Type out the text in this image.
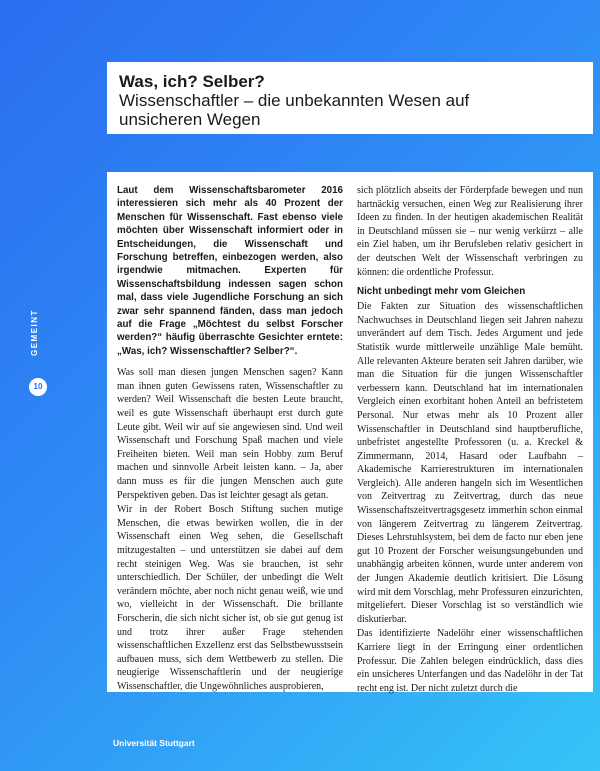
Was, ich? Selber?
Wissenschaftler – die unbekannten Wesen auf
unsicheren Wegen
GEMEINT
10

Laut dem Wissenschaftsbarometer 2016 interessieren sich mehr als 40 Prozent der Menschen für Wissenschaft. Fast ebenso viele möchten über Wissenschaft informiert oder in Entscheidungen, die Wissenschaft und Forschung betreffen, einbezogen werden, also irgendwie mitmachen. Experten für Wissenschaftsbildung indessen sagen schon mal, dass viele Jugendliche Forschung an sich zwar sehr spannend fänden, dass man jedoch auf die Frage „Möchtest du selbst Forscher werden?“ häufig überraschte Gesichter erntete: „Was, ich? Wissenschaftler? Selber?“.

Was soll man diesen jungen Menschen sagen? Kann man ihnen guten Gewissens raten, Wissenschaftler zu werden? Weil Wissenschaft die besten Leute braucht, weil es gute Wissenschaft überhaupt erst durch gute Leute gibt. Weil wir auf sie angewiesen sind. Und weil Wissenschaft und Forschung Spaß machen und viele Freiheiten bieten. Weil man sein Hobby zum Beruf machen und sinnvolle Arbeit leisten kann. – Ja, aber dann muss es für die jungen Menschen auch gute Perspektiven geben. Das ist leichter gesagt als getan.

Wir in der Robert Bosch Stiftung suchen mutige Menschen, die etwas bewirken wollen, die in der Wissenschaft einen Weg sehen, die Gesellschaft mitzugestalten – und unterstützen sie dabei auf dem recht steinigen Weg. Was sie brauchen, ist sehr unterschiedlich. Der Schüler, der unbedingt die Welt verändern möchte, aber noch nicht genau weiß, wie und wo, vielleicht in der Wissenschaft. Die brillante Forscherin, die sich nicht sicher ist, ob sie gut genug ist und trotz ihrer außer Frage stehenden wissenschaftlichen Exzellenz erst das Selbstbewusstsein aufbauen muss, sich dem Wettbewerb zu stellen. Die neugierige Wissenschaftlerin und der neugierige Wissenschaftler, die Ungewöhnliches ausprobieren,

sich plötzlich abseits der Förderpfade bewegen und nun hartnäckig versuchen, einen Weg zur Realisierung ihrer Ideen zu finden. In der heutigen akademischen Realität in Deutschland müssen sie – nur wenig verkürzt – alle ein Ziel haben, um ihr Berufsleben relativ gesichert in der deutschen Welt der Wissenschaft verbringen zu können: die ordentliche Professur.

Nicht unbedingt mehr vom Gleichen

Die Fakten zur Situation des wissenschaftlichen Nachwuchses in Deutschland liegen seit Jahren nahezu unverändert auf dem Tisch. Jedes Argument und jede Statistik wurde mittlerweile unzählige Male bemüht. Alle relevanten Akteure beraten seit Jahren darüber, wie man die Situation für die jungen Wissenschaftler verbessern kann. Deutschland hat im internationalen Vergleich einen exorbitant hohen Anteil an befristetem Personal. Nur etwas mehr als 10 Prozent aller Wissenschaftler in Deutschland sind hauptberufliche, unbefristet angestellte Professoren (u. a. Kreckel & Zimmermann, 2014, Hasard oder Laufbahn – Akademische Karrierestrukturen im internationalen Vergleich). Alle anderen hangeln sich im Wesentlichen von Zeitvertrag zu Zeitvertrag, durch das neue Wissenschaftszeitvertragsgesetz immerhin schon einmal von längerem Zeitvertrag zu längerem Zeitvertrag. Dieses Lehrstuhlsystem, bei dem de facto nur eben jene gut 10 Prozent der Forscher weisungsungebunden und unabhängig arbeiten können, wurde unter anderem von der Jungen Akademie deutlich kritisiert. Die Lösung wird mit dem Vorschlag, mehr Professuren einzurichten, mitgeliefert. Dieser Vorschlag ist so verständlich wie diskutierbar.

Das identifizierte Nadelöhr einer wissenschaftlichen Karriere liegt in der Erringung einer ordentlichen Professur. Die Zahlen belegen eindrücklich, dass dies ein unsicheres Unterfangen und das Nadelöhr in der Tat recht eng ist. Der nicht zuletzt durch die

Universität Stuttgart
